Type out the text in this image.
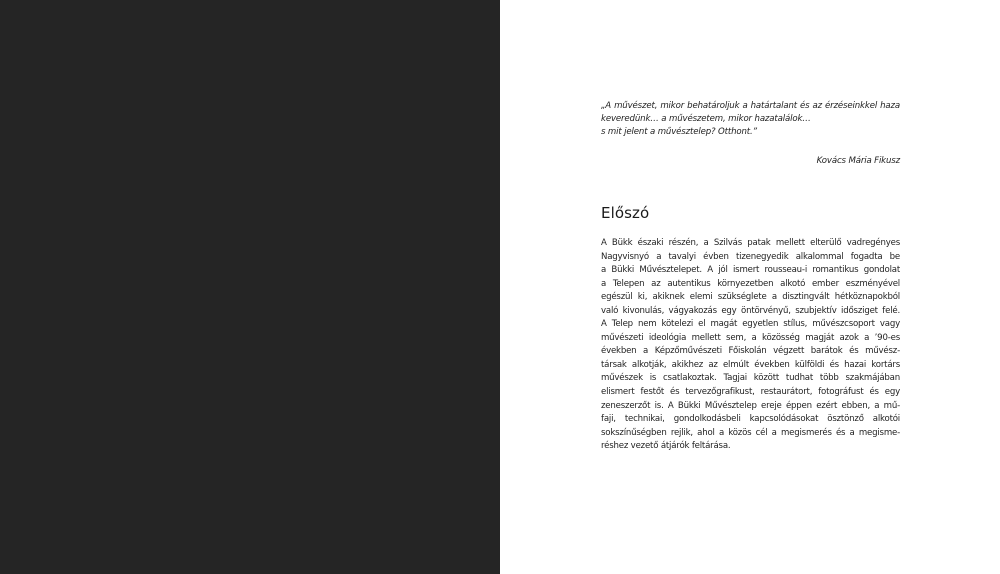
„A művészet, mikor behatároljuk a határtalant és az érzéseinkkel haza
keveredünk… a művészetem, mikor hazatalálok…
s mit jelent a művésztelep? Otthont.”
Kovács Mária Fikusz
Előszó
A Bükk északi részén, a Szilvás patak mellett elterülő vadregényes
Nagyvisnyó a tavalyi évben tizenegyedik alkalommal fogadta be
a Bükki Művésztelepet. A jól ismert rousseau-i romantikus gondolat
a Telepen az autentikus környezetben alkotó ember eszményével
egészül ki, akiknek elemi szükséglete a disztingvált hétköznapokból
való kivonulás, vágyakozás egy öntörvényű, szubjektív idősziget felé.
A Telep nem kötelezi el magát egyetlen stílus, művészcsoport vagy
művészeti ideológia mellett sem, a közösség magját azok a ’90-es
években a Képzőművészeti Főiskolán végzett barátok és művész-
társak alkotják, akikhez az elmúlt években külföldi és hazai kortárs
művészek is csatlakoztak. Tagjai között tudhat több szakmájában
elismert festőt és tervezőgrafikust, restaurátort, fotográfust és egy
zeneszerzőt is. A Bükki Művésztelep ereje éppen ezért ebben, a mű-
faji, technikai, gondolkodásbeli kapcsolódásokat ösztönző alkotói
sokszínűségben rejlik, ahol a közös cél a megismerés és a megisme-
réshez vezető átjárók feltárása.
